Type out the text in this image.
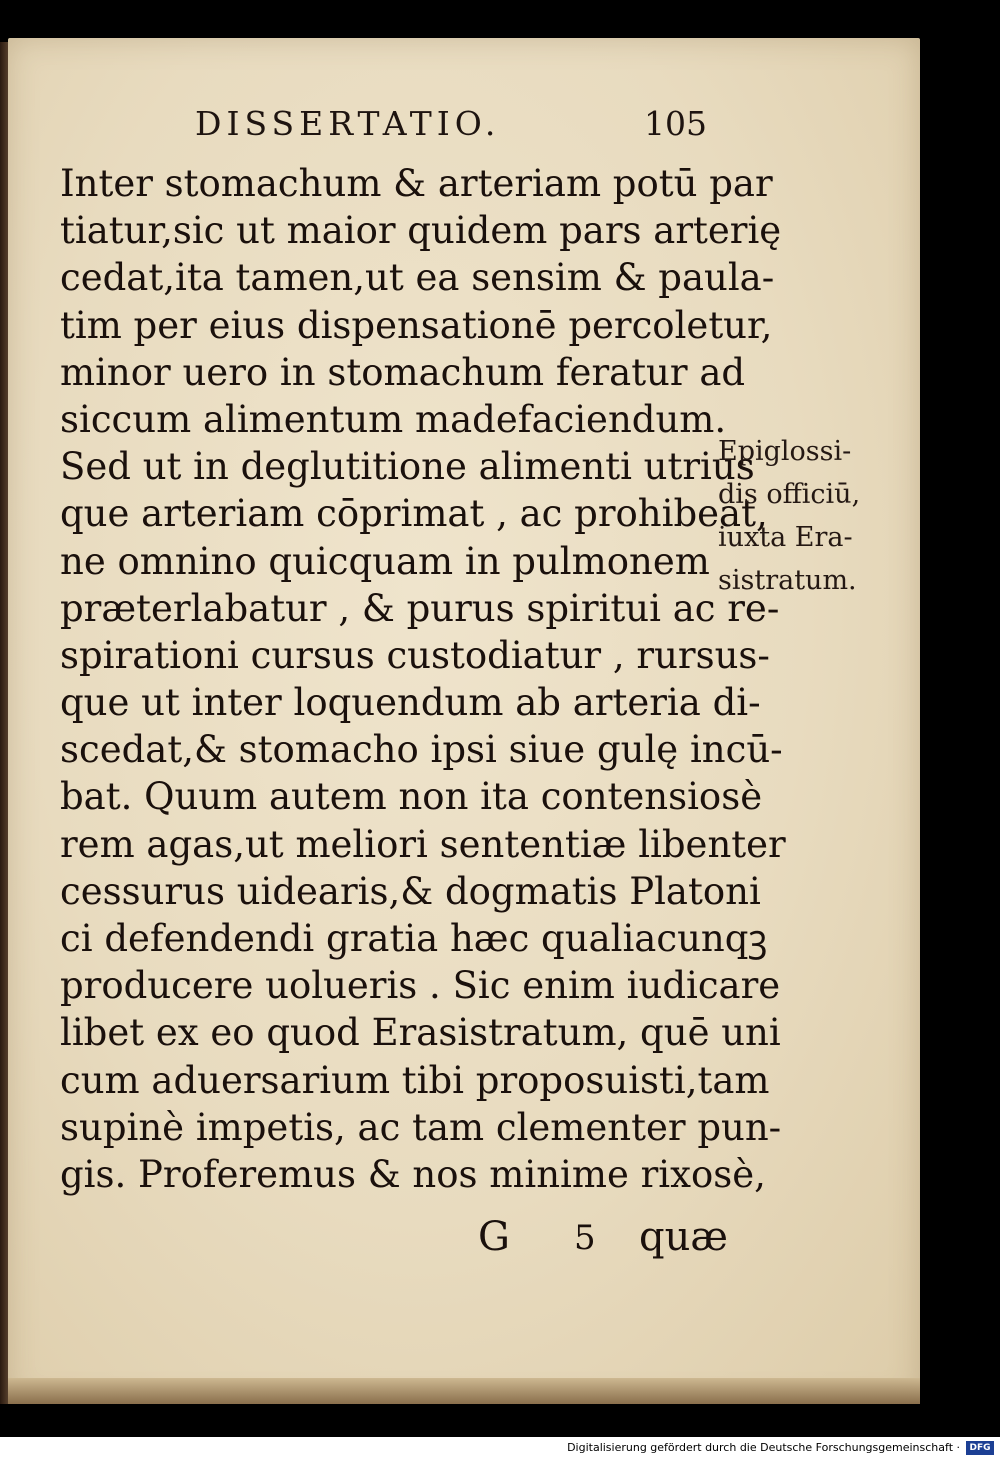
DISSERTATIO.	105
Inter stomachum & arteriam potū par
tiatur,sic ut maior quidem pars arterię
cedat,ita tamen,ut ea sensim & paula-
tim per eius dispensationē percoletur,
minor uero in stomachum feratur ad
siccum alimentum madefaciendum.
Sed ut in deglutitione alimenti utrius
que arteriam cōprimat , ac prohibeat,
ne omnino quicquam in pulmonem
præterlabatur , & purus spiritui ac re-
spirationi cursus custodiatur , rursus-
que ut inter loquendum ab arteria di-
scedat,& stomacho ipsi siue gulę incū-
bat. Quum autem non ita contensiosè
rem agas,ut meliori sententiæ libenter
cessurus uidearis,& dogmatis Platoni
ci defendendi gratia hæc qualiacunqꝫ
producere uolueris . Sic enim iudicare
libet ex eo quod Erasistratum, quē uni
cum aduersarium tibi proposuisti,tam
supinè impetis, ac tam clementer pun-
gis. Proferemus & nos minime rixosè,
Epiglossi-
dis officiū,
iuxta Era-
sistratum.
G 5 quæ
Digitalisierung gefördert durch die Deutsche Forschungsgemeinschaft ·	DFG
